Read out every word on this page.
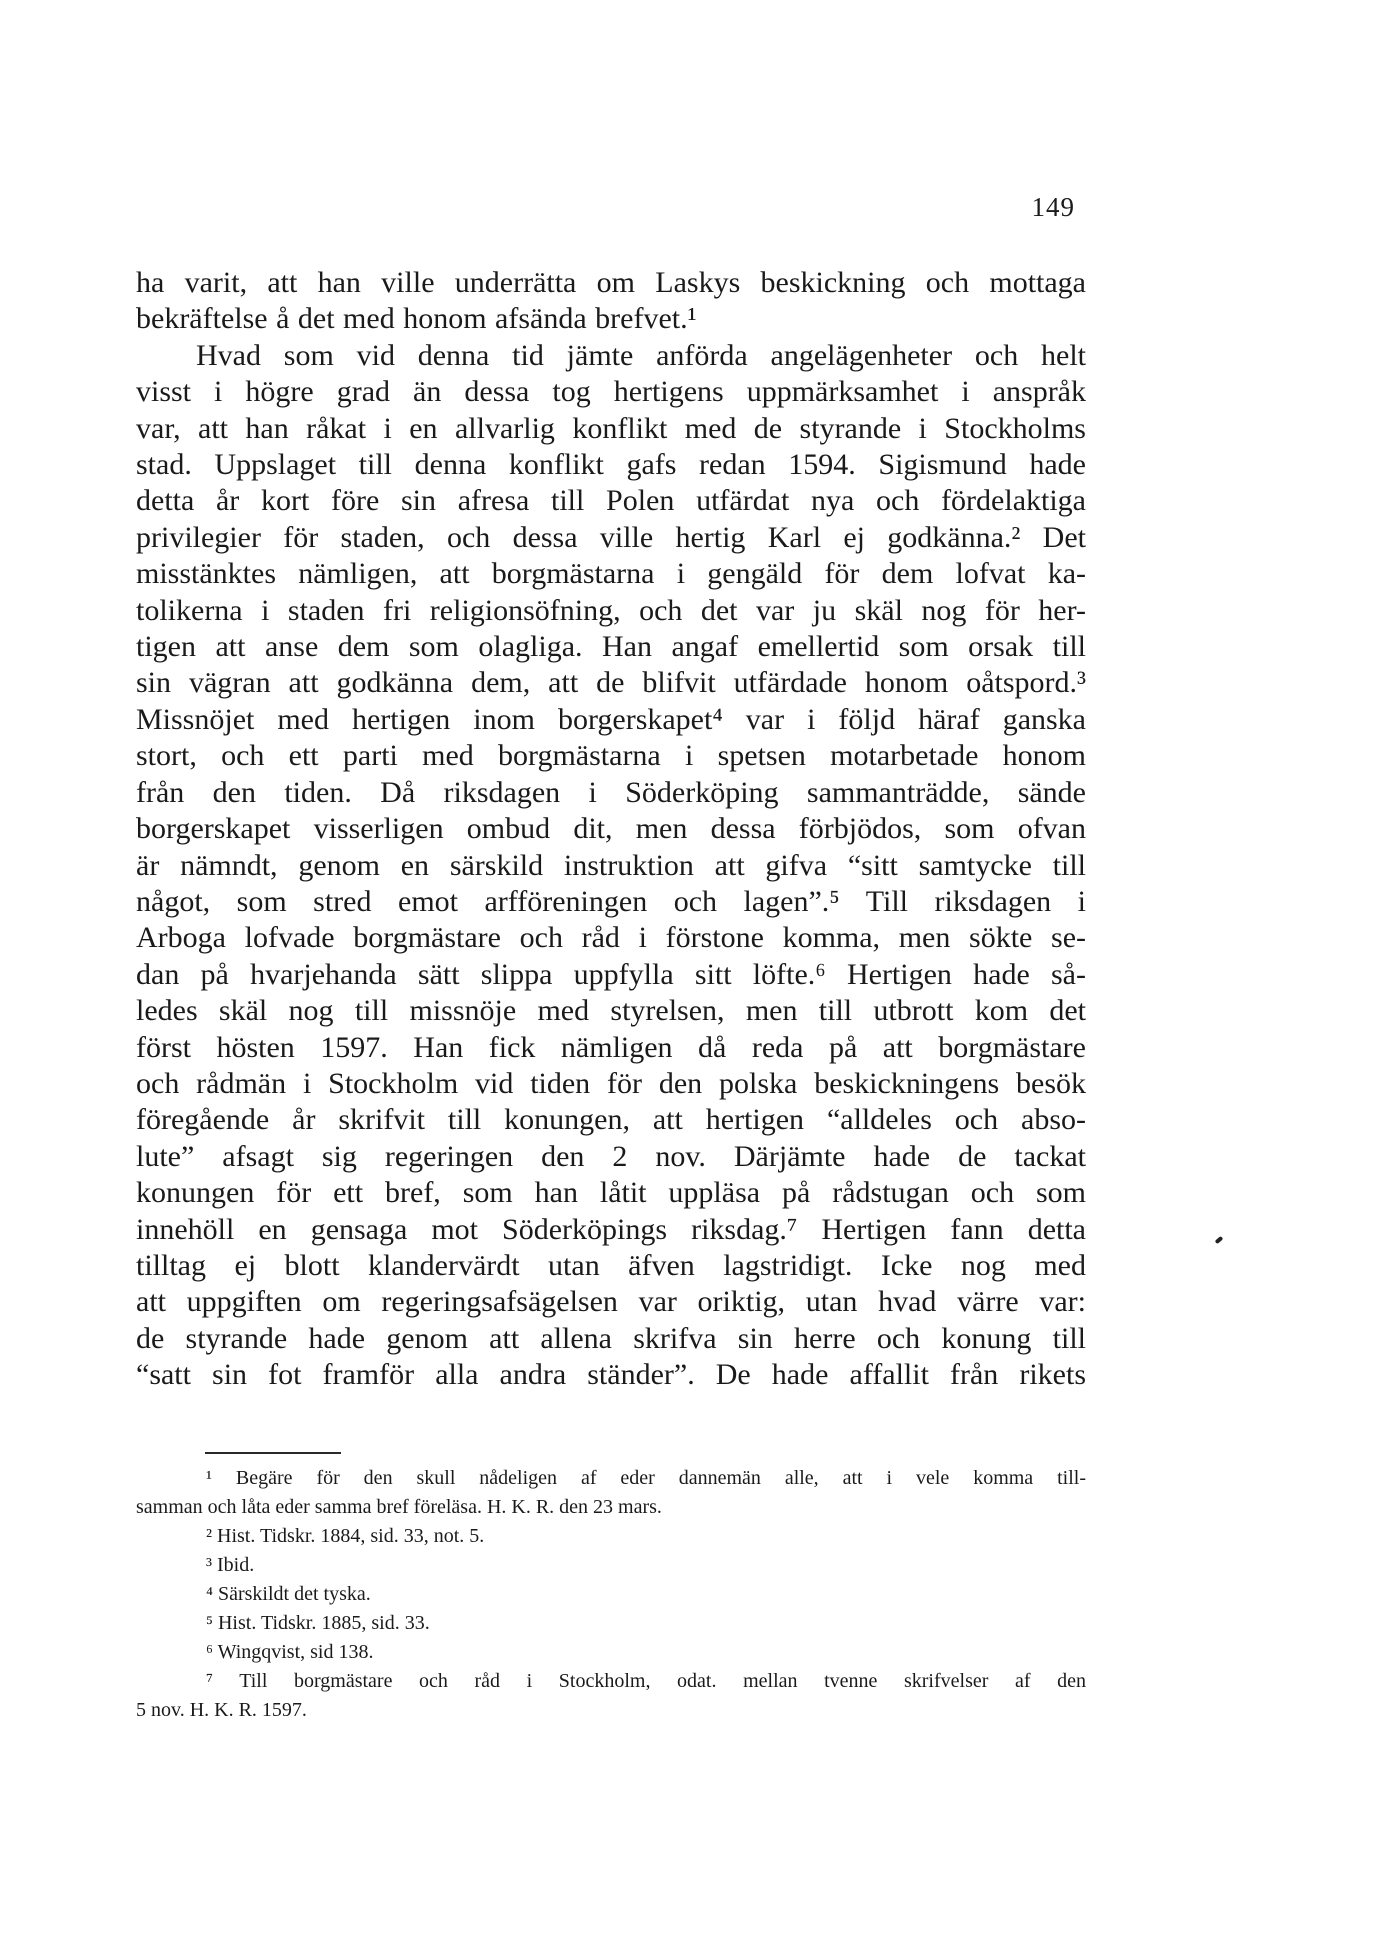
149
ha varit, att han ville underrätta om Laskys beskickning och mottaga
bekräftelse å det med honom afsända brefvet.¹
Hvad som vid denna tid jämte anförda angelägenheter och helt
visst i högre grad än dessa tog hertigens uppmärksamhet i anspråk
var, att han råkat i en allvarlig konflikt med de styrande i Stockholms
stad. Uppslaget till denna konflikt gafs redan 1594. Sigismund hade
detta år kort före sin afresa till Polen utfärdat nya och fördelaktiga
privilegier för staden, och dessa ville hertig Karl ej godkänna.² Det
misstänktes nämligen, att borgmästarna i gengäld för dem lofvat ka-
tolikerna i staden fri religionsöfning, och det var ju skäl nog för her-
tigen att anse dem som olagliga. Han angaf emellertid som orsak till
sin vägran att godkänna dem, att de blifvit utfärdade honom oåtspord.³
Missnöjet med hertigen inom borgerskapet⁴ var i följd häraf ganska
stort, och ett parti med borgmästarna i spetsen motarbetade honom
från den tiden. Då riksdagen i Söderköping sammanträdde, sände
borgerskapet visserligen ombud dit, men dessa förbjödos, som ofvan
är nämndt, genom en särskild instruktion att gifva “sitt samtycke till
något, som stred emot arfföreningen och lagen”.⁵ Till riksdagen i
Arboga lofvade borgmästare och råd i förstone komma, men sökte se-
dan på hvarjehanda sätt slippa uppfylla sitt löfte.⁶ Hertigen hade så-
ledes skäl nog till missnöje med styrelsen, men till utbrott kom det
först hösten 1597. Han fick nämligen då reda på att borgmästare
och rådmän i Stockholm vid tiden för den polska beskickningens besök
föregående år skrifvit till konungen, att hertigen “alldeles och abso-
lute” afsagt sig regeringen den 2 nov. Därjämte hade de tackat
konungen för ett bref, som han låtit uppläsa på rådstugan och som
innehöll en gensaga mot Söderköpings riksdag.⁷ Hertigen fann detta
tilltag ej blott klandervärdt utan äfven lagstridigt. Icke nog med
att uppgiften om regeringsafsägelsen var oriktig, utan hvad värre var:
de styrande hade genom att allena skrifva sin herre och konung till
“satt sin fot framför alla andra ständer”. De hade affallit från rikets
¹ Begäre för den skull nådeligen af eder dannemän alle, att i vele komma till-
samman och låta eder samma bref föreläsa. H. K. R. den 23 mars.
² Hist. Tidskr. 1884, sid. 33, not. 5.
³ Ibid.
⁴ Särskildt det tyska.
⁵ Hist. Tidskr. 1885, sid. 33.
⁶ Wingqvist, sid 138.
⁷ Till borgmästare och råd i Stockholm, odat. mellan tvenne skrifvelser af den
5 nov. H. K. R. 1597.
